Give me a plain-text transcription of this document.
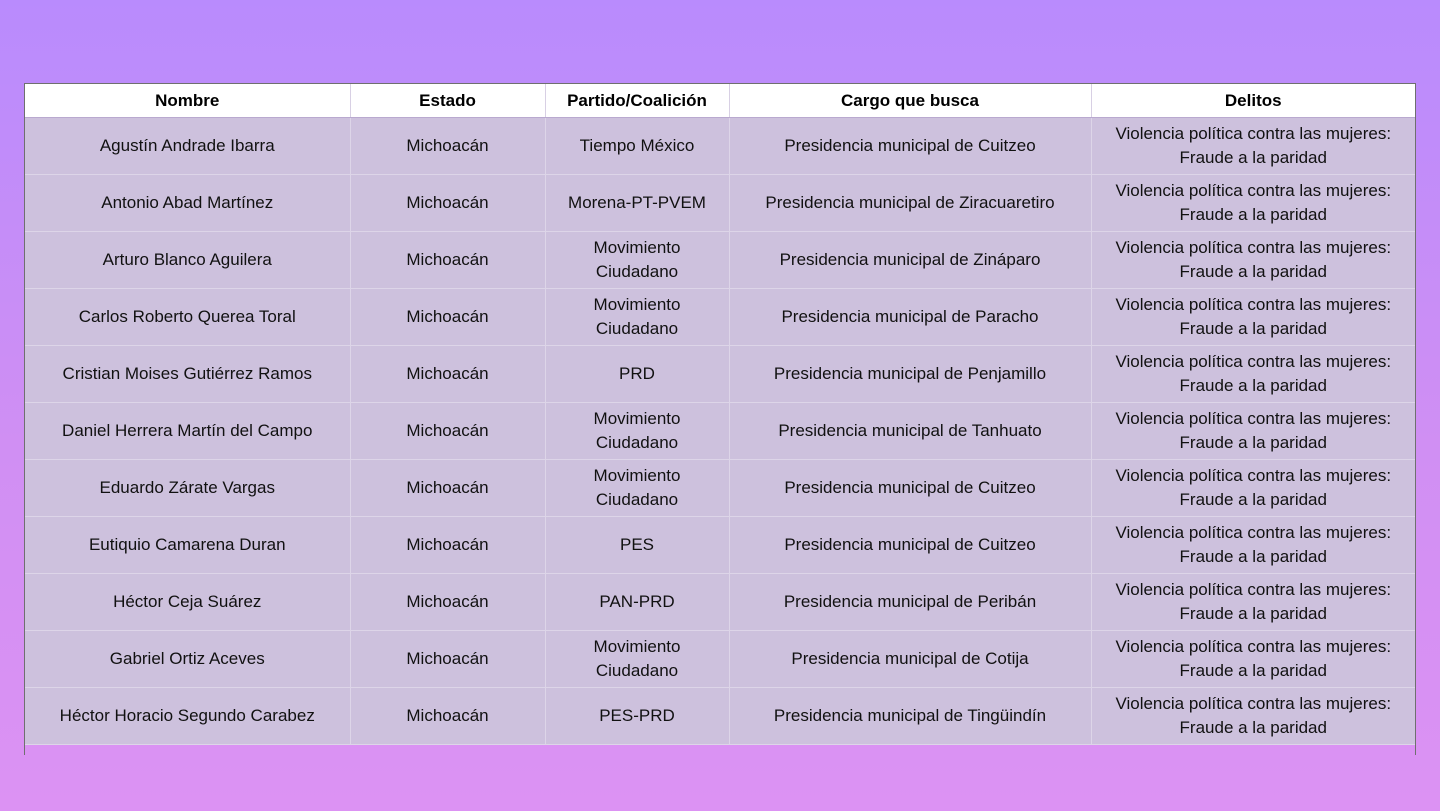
Nombre	Estado	Partido/Coalición	Cargo que busca	Delitos
Agustín Andrade Ibarra	Michoacán	Tiempo México	Presidencia municipal de Cuitzeo	Violencia política contra las mujeres:
Fraude a la paridad

Antonio Abad Martínez	Michoacán	Morena-PT-PVEM	Presidencia municipal de Ziracuaretiro	Violencia política contra las mujeres:
Fraude a la paridad

Arturo Blanco Aguilera	Michoacán	Movimiento
Ciudadano	Presidencia municipal de Zináparo	Violencia política contra las mujeres:
Fraude a la paridad

Carlos Roberto Querea Toral	Michoacán	Movimiento
Ciudadano	Presidencia municipal de Paracho	Violencia política contra las mujeres:
Fraude a la paridad

Cristian Moises Gutiérrez Ramos	Michoacán	PRD	Presidencia municipal de Penjamillo	Violencia política contra las mujeres:
Fraude a la paridad

Daniel Herrera Martín del Campo	Michoacán	Movimiento
Ciudadano	Presidencia municipal de Tanhuato	Violencia política contra las mujeres:
Fraude a la paridad

Eduardo Zárate Vargas	Michoacán	Movimiento
Ciudadano	Presidencia municipal de Cuitzeo	Violencia política contra las mujeres:
Fraude a la paridad

Eutiquio Camarena Duran	Michoacán	PES	Presidencia municipal de Cuitzeo	Violencia política contra las mujeres:
Fraude a la paridad

Héctor Ceja Suárez	Michoacán	PAN-PRD	Presidencia municipal de Peribán	Violencia política contra las mujeres:
Fraude a la paridad

Gabriel Ortiz Aceves	Michoacán	Movimiento
Ciudadano	Presidencia municipal de Cotija	Violencia política contra las mujeres:
Fraude a la paridad

Héctor Horacio Segundo Carabez	Michoacán	PES-PRD	Presidencia municipal de Tingüindín	Violencia política contra las mujeres:
Fraude a la paridad
